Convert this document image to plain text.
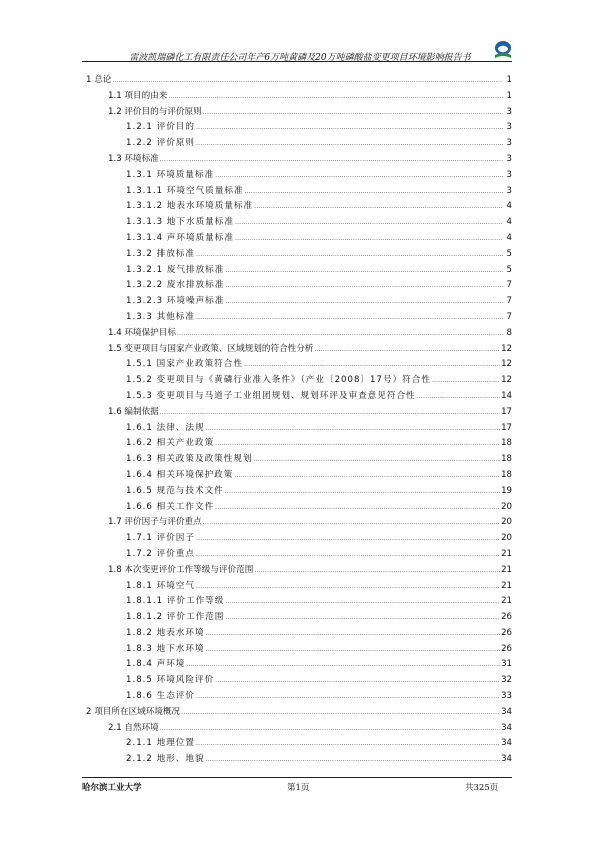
雷波凯瑞磷化工有限责任公司年产6万吨黄磷及20万吨磷酸盐变更项目环境影响报告书
1 总论 .....	1
1.1 项目的由来 .....	1
1.2 评价目的与评价原则 .....	3
1.2.1 评价目的 .....	3
1.2.2 评价原则 .....	3
1.3 环境标准 .....	3
1.3.1 环境质量标准 .....	3
1.3.1.1 环境空气质量标准 .....	3
1.3.1.2 地表水环境质量标准 .....	4
1.3.1.3 地下水质量标准 .....	4
1.3.1.4 声环境质量标准 .....	4
1.3.2 排放标准 .....	5
1.3.2.1 废气排放标准 .....	5
1.3.2.2 废水排放标准 .....	7
1.3.2.3 环境噪声标准 .....	7
1.3.3 其他标准 .....	7
1.4 环境保护目标 .....	8
1.5 变更项目与国家产业政策、区域规划的符合性分析 .....	12
1.5.1 国家产业政策符合性 .....	12
1.5.2 变更项目与《黄磷行业准入条件》（产业〔2008〕17号）符合性 .....	12
1.5.3 变更项目与马道子工业组团规划、规划环评及审查意见符合性 .....	14
1.6 编制依据 .....	17
1.6.1 法律、法规 .....	17
1.6.2 相关产业政策 .....	18
1.6.3 相关政策及政策性规划 .....	18
1.6.4 相关环境保护政策 .....	18
1.6.5 规范与技术文件 .....	19
1.6.6 相关工作文件 .....	20
1.7 评价因子与评价重点 .....	20
1.7.1 评价因子 .....	20
1.7.2 评价重点 .....	21
1.8 本次变更评价工作等级与评价范围 .....	21
1.8.1 环境空气 .....	21
1.8.1.1 评价工作等级 .....	21
1.8.1.2 评价工作范围 .....	26
1.8.2 地表水环境 .....	26
1.8.3 地下水环境 .....	26
1.8.4 声环境 .....	31
1.8.5 环境风险评价 .....	32
1.8.6 生态评价 .....	33
2 项目所在区域环境概况 .....	34
2.1 自然环境 .....	34
2.1.1 地理位置 .....	34
2.1.2 地形、地貌 .....	34
哈尔滨工业大学	第1页	共325页
